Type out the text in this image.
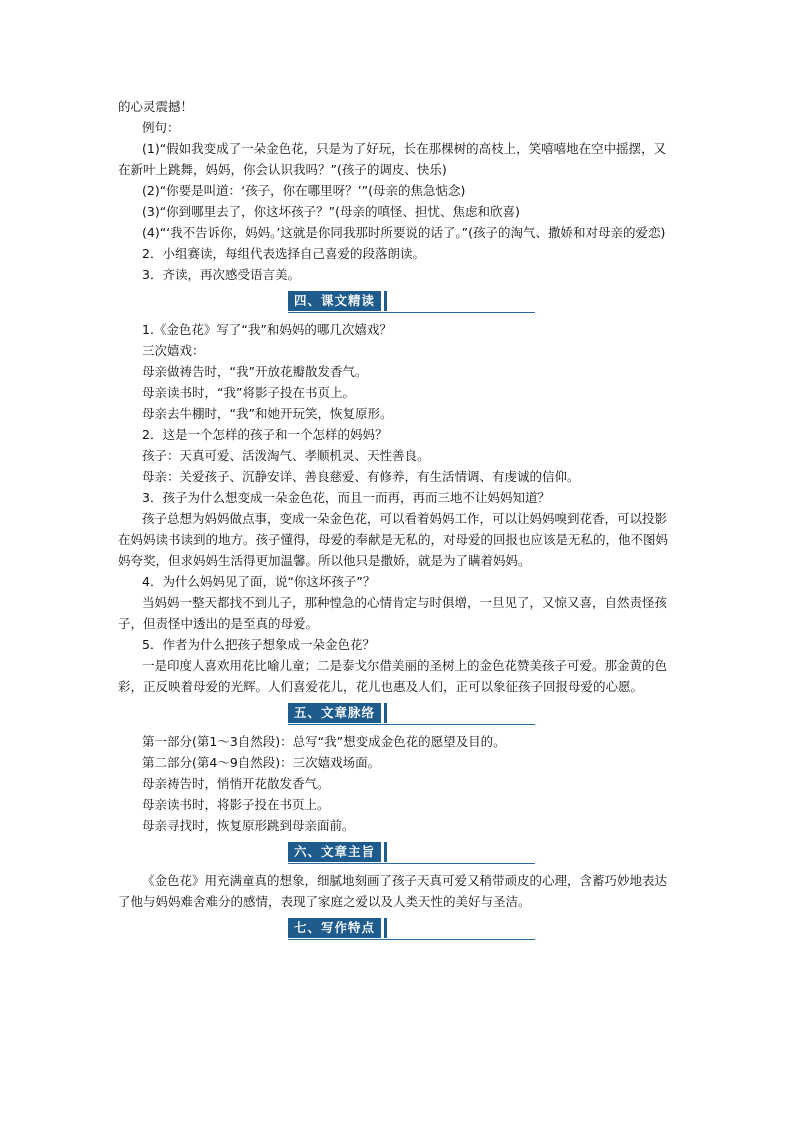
的心灵震撼！

例句：

(1)“假如我变成了一朵金色花，只是为了好玩，长在那棵树的高枝上，笑嘻嘻地在空中摇摆，又在新叶上跳舞，妈妈，你会认识我吗？”(孩子的调皮、快乐)

(2)“你要是叫道：‘孩子，你在哪里呀？’”(母亲的焦急惦念)

(3)“你到哪里去了，你这坏孩子？”(母亲的嗔怪、担忧、焦虑和欣喜)

(4)“‘我不告诉你，妈妈。’这就是你同我那时所要说的话了。”(孩子的淘气、撒娇和对母亲的爱恋)

2．小组赛读，每组代表选择自己喜爱的段落朗读。

3．齐读，再次感受语言美。

四、课文精读

1.《金色花》写了“我”和妈妈的哪几次嬉戏？

三次嬉戏：

母亲做祷告时，“我”开放花瓣散发香气。

母亲读书时，“我”将影子投在书页上。

母亲去牛棚时，“我”和她开玩笑，恢复原形。

2．这是一个怎样的孩子和一个怎样的妈妈？

孩子：天真可爱、活泼淘气、孝顺机灵、天性善良。

母亲：关爱孩子、沉静安详、善良慈爱、有修养，有生活情调、有虔诚的信仰。

3．孩子为什么想变成一朵金色花，而且一而再，再而三地不让妈妈知道？

孩子总想为妈妈做点事，变成一朵金色花，可以看着妈妈工作，可以让妈妈嗅到花香，可以投影在妈妈读书读到的地方。孩子懂得，母爱的奉献是无私的，对母爱的回报也应该是无私的，他不图妈妈夸奖，但求妈妈生活得更加温馨。所以他只是撒娇，就是为了瞒着妈妈。

4．为什么妈妈见了面，说“你这坏孩子”？

当妈妈一整天都找不到儿子，那种惶急的心情肯定与时俱增，一旦见了，又惊又喜，自然责怪孩子，但责怪中透出的是至真的母爱。

5．作者为什么把孩子想象成一朵金色花？

一是印度人喜欢用花比喻儿童；二是泰戈尔借美丽的圣树上的金色花赞美孩子可爱。那金黄的色彩，正反映着母爱的光辉。人们喜爱花儿，花儿也惠及人们，正可以象征孩子回报母爱的心愿。

五、文章脉络

第一部分(第1～3自然段)：总写“我”想变成金色花的愿望及目的。

第二部分(第4～9自然段)：三次嬉戏场面。

母亲祷告时，悄悄开花散发香气。

母亲读书时，将影子投在书页上。

母亲寻找时，恢复原形跳到母亲面前。

六、文章主旨

《金色花》用充满童真的想象，细腻地刻画了孩子天真可爱又稍带顽皮的心理，含蓄巧妙地表达了他与妈妈难舍难分的感情，表现了家庭之爱以及人类天性的美好与圣洁。

七、写作特点
